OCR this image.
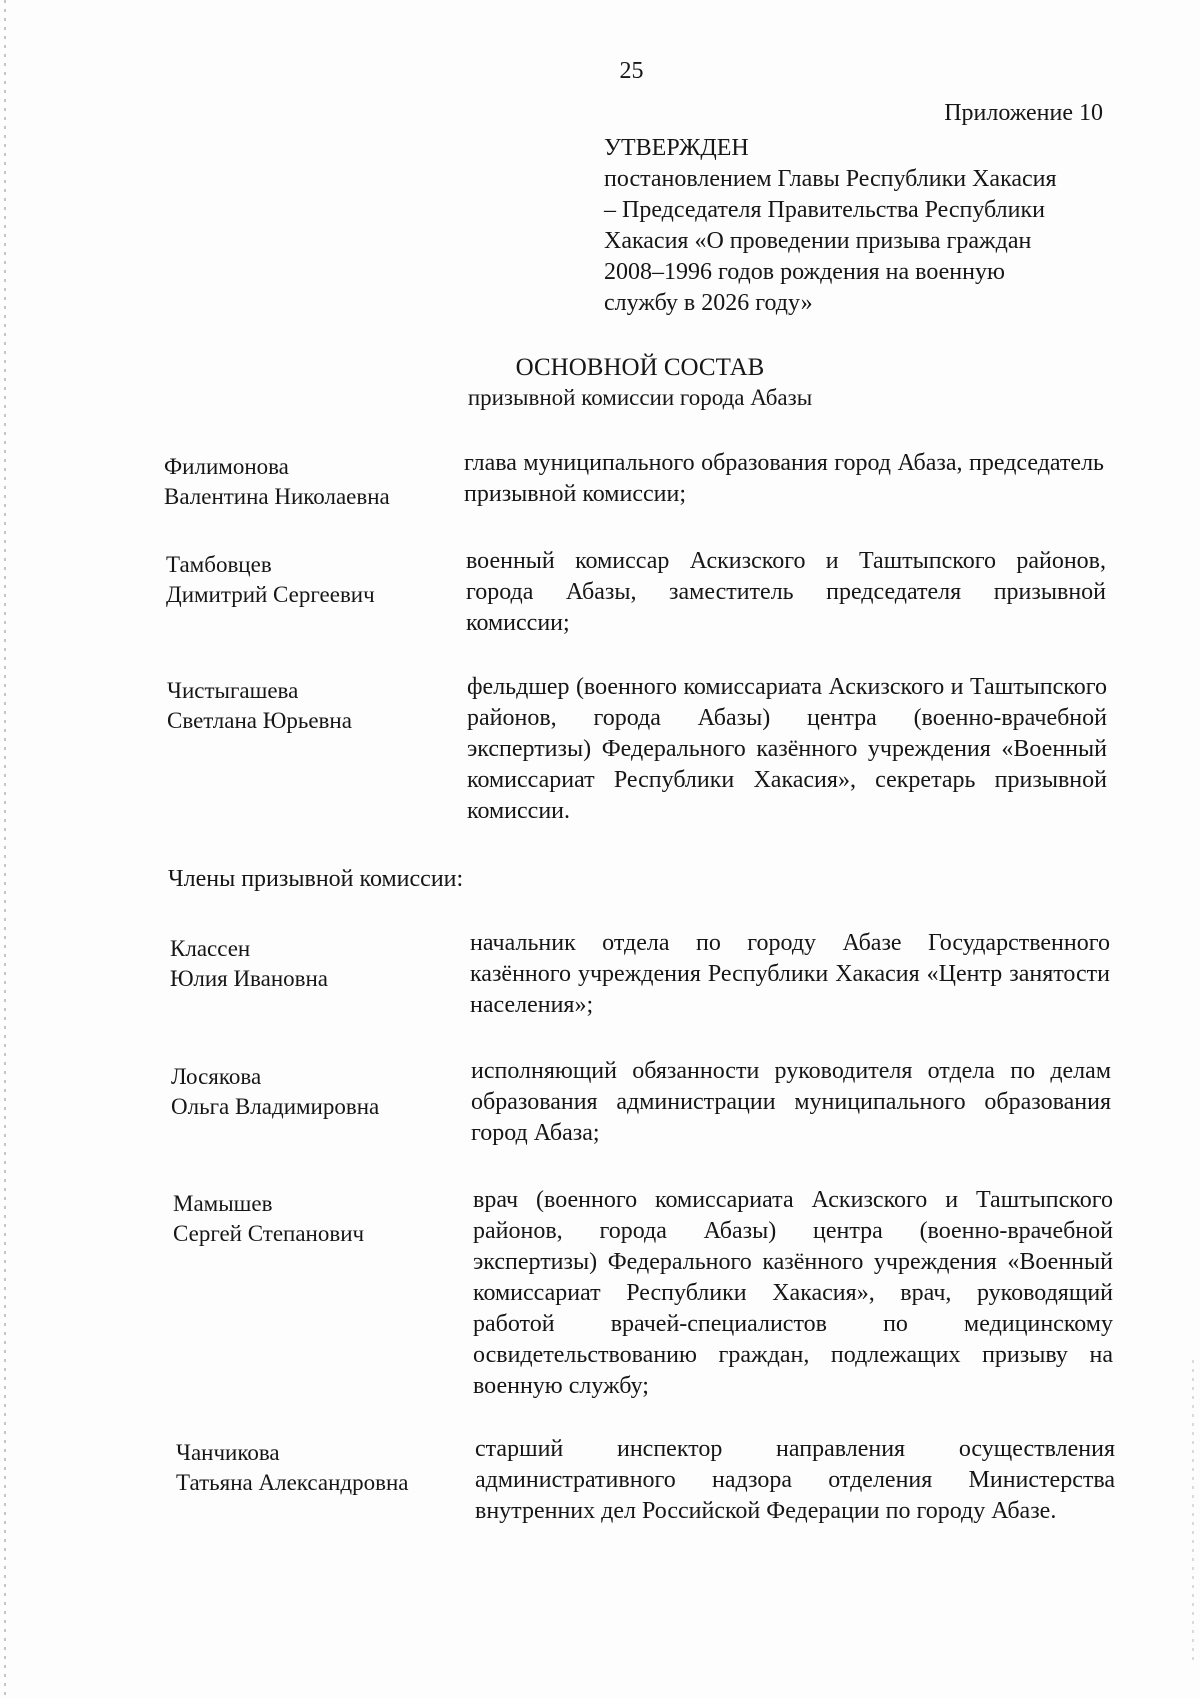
25
Приложение 10
УТВЕРЖДЕН
постановлением Главы Республики Хакасия
– Председателя Правительства Республики
Хакасия «О проведении призыва граждан
2008–1996 годов рождения на военную
службу в 2026 году»
ОСНОВНОЙ СОСТАВ
призывной комиссии города Абазы
Филимонова
Валентина Николаевна
глава муниципального образования город Абаза, председатель призывной комиссии;
Тамбовцев
Димитрий Сергеевич
военный комиссар Аскизского и Таштыпского районов, города Абазы, заместитель председателя призывной комиссии;
Чистыгашева
Светлана Юрьевна
фельдшер (военного комиссариата Аскизского и Таштыпского районов, города Абазы) центра (военно-врачебной экспертизы) Федерального казённого учреждения «Военный комиссариат Республики Хакасия», секретарь призывной комиссии.
Члены призывной комиссии:
Классен
Юлия Ивановна
начальник отдела по городу Абазе Государственного казённого учреждения Республики Хакасия «Центр занятости населения»;
Лосякова
Ольга Владимировна
исполняющий обязанности руководителя отдела по делам образования администрации муниципального образования город Абаза;
Мамышев
Сергей Степанович
врач (военного комиссариата Аскизского и Таштыпского районов, города Абазы) центра (военно-врачебной экспертизы) Федерального казённого учреждения «Военный комиссариат Республики Хакасия», врач, руководящий работой врачей-специалистов по медицинскому освидетельствованию граждан, подлежащих призыву на военную службу;
Чанчикова
Татьяна Александровна
старший инспектор направления осуществления административного надзора отделения Министерства внутренних дел Российской Федерации по городу Абазе.
